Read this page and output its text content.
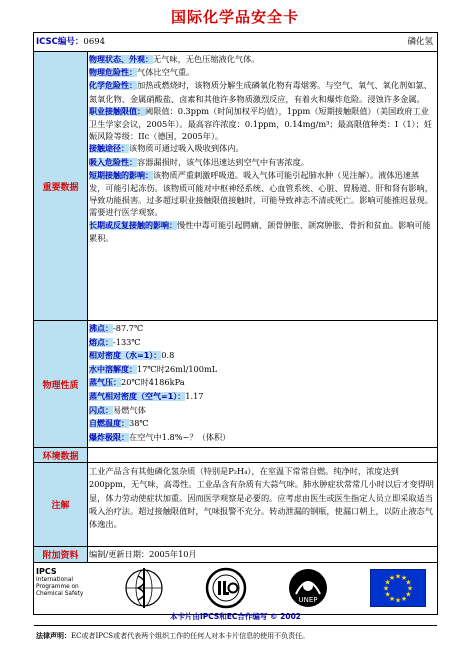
国际化学品安全卡
ICSC编号：0694	磷化氢
重要数据
物理状态、外观：无气味，无色压缩液化气体。
物理危险性：气体比空气重。
化学危险性：加热或燃烧时，该物质分解生成磷氧化物有毒烟雾。与空气、氧气、氧化剂如氯、氮氧化物、金属硝酸盐、卤素和其他许多物质激烈反应，有着火和爆炸危险。浸蚀许多金属。
职业接触限值：阈限值：0.3ppm（时间加权平均值），1ppm（短期接触限值）（美国政府工业卫生学家会议，2005年）。最高容许浓度：0.1ppm，0.14mg/m³；最高限值种类：I（1）；妊娠风险等级：IIc（德国，2005年）。
接触途径：该物质可通过吸入吸收到体内。
吸入危险性：容器漏损时，该气体迅速达到空气中有害浓度。
短期接触的影响：该物质严重刺激呼吸道。吸入气体可能引起肺水肿（见注解）。液体迅速蒸发，可能引起冻伤。该物质可能对中枢神经系统、心血管系统、心脏、胃肠道、肝和肾有影响，导致功能损害。过多超过职业接触限值接触时，可能导致神志不清或死亡。影响可能推迟显现。需要进行医学观察。
长期或反复接触的影响：慢性中毒可能引起腭痛、颌骨肿胀、颌窝肿胀、骨折和贫血。影响可能累积。
物理性质
沸点：-87.7℃
熔点：-133℃
相对密度（水=1）：0.8
水中溶解度：17℃时26ml/100mL
蒸气压：20℃时4186kPa
蒸气相对密度（空气=1）：1.17
闪点：易燃气体
自燃温度：38℃
爆炸极限：在空气中1.8%~？（体积）
环境数据
注解
工业产品含有其他磷化氢杂质（特别是P₂H₄），在室温下常常自燃。纯净时，浓度达到200ppm，无气味，高毒性。工业品含有杂质有大蒜气味。肺水肿症状常常几小时以后才变得明显，体力劳动使症状加重。因而医学观察是必要的。应考虑由医生或医生指定人员立即采取适当吸入治疗法。超过接触限值时，气味报警不充分。转动泄漏的钢瓶，使漏口朝上，以防止液态气体逸出。
附加资料	编制/更新日期：2005年10月
IPCS
International
Programme on
Chemical Safety
UNEP
★ ★
★
★
★
★
★
★
★
★
★
★
本卡片由IPCS和EC合作编写 © 2002
法律声明：EC或者IPCS或者代表两个组织工作的任何人对本卡片信息的使用不负责任。
